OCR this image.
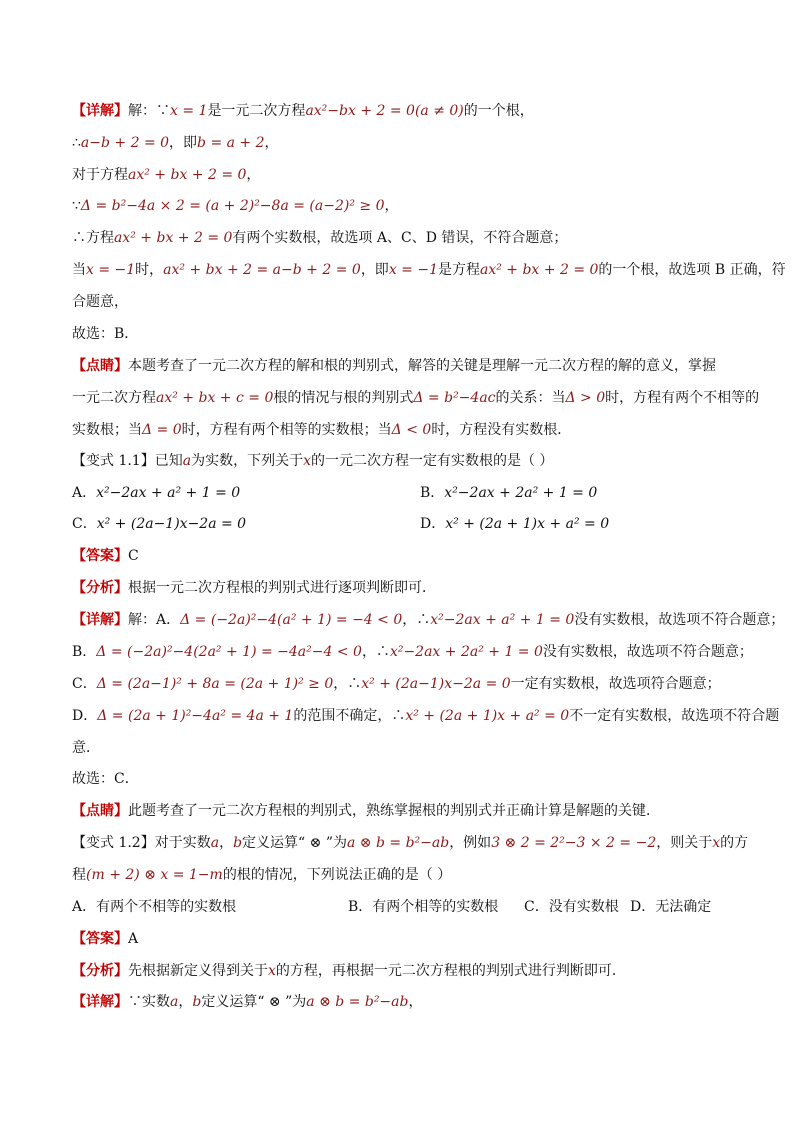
【详解】解：∵x = 1是一元二次方程ax²−bx + 2 = 0(a ≠ 0)的一个根，
∴a−b + 2 = 0，即b = a + 2，
对于方程ax² + bx + 2 = 0，
∵Δ = b²−4a × 2 = (a + 2)²−8a = (a−2)² ≥ 0，
∴方程ax² + bx + 2 = 0有两个实数根，故选项 A、C、D 错误，不符合题意；
当x = −1时，ax² + bx + 2 = a−b + 2 = 0，即x = −1是方程ax² + bx + 2 = 0的一个根，故选项 B 正确，符
合题意，
故选：B．
【点睛】本题考查了一元二次方程的解和根的判别式，解答的关键是理解一元二次方程的解的意义，掌握
一元二次方程ax² + bx + c = 0根的情况与根的判别式Δ = b²−4ac的关系：当Δ > 0时，方程有两个不相等的
实数根；当Δ = 0时，方程有两个相等的实数根；当Δ < 0时，方程没有实数根．
【变式 1.1】已知a为实数，下列关于x的一元二次方程一定有实数根的是（ ）
A．x²−2ax + a² + 1 = 0	B．x²−2ax + 2a² + 1 = 0
C．x² + (2a−1)x−2a = 0	D．x² + (2a + 1)x + a² = 0
【答案】C
【分析】根据一元二次方程根的判别式进行逐项判断即可．
【详解】解：A．Δ = (−2a)²−4(a² + 1) = −4 < 0，∴x²−2ax + a² + 1 = 0没有实数根，故选项不符合题意；
B．Δ = (−2a)²−4(2a² + 1) = −4a²−4 < 0，∴x²−2ax + 2a² + 1 = 0没有实数根，故选项不符合题意；
C．Δ = (2a−1)² + 8a = (2a + 1)² ≥ 0，∴x² + (2a−1)x−2a = 0一定有实数根，故选项符合题意；
D．Δ = (2a + 1)²−4a² = 4a + 1的范围不确定，∴x² + (2a + 1)x + a² = 0不一定有实数根，故选项不符合题
意．
故选：C．
【点睛】此题考查了一元二次方程根的判别式，熟练掌握根的判别式并正确计算是解题的关键．
【变式 1.2】对于实数a，b定义运算“ ⊗ ”为a ⊗ b = b²−ab，例如3 ⊗ 2 = 2²−3 × 2 = −2，则关于x的方
程(m + 2) ⊗ x = 1−m的根的情况，下列说法正确的是（ ）
A．有两个不相等的实数根	B．有两个相等的实数根 C．没有实数根 D．无法确定
【答案】A
【分析】先根据新定义得到关于x的方程，再根据一元二次方程根的判别式进行判断即可．
【详解】∵实数a，b定义运算“ ⊗ ”为a ⊗ b = b²−ab，
